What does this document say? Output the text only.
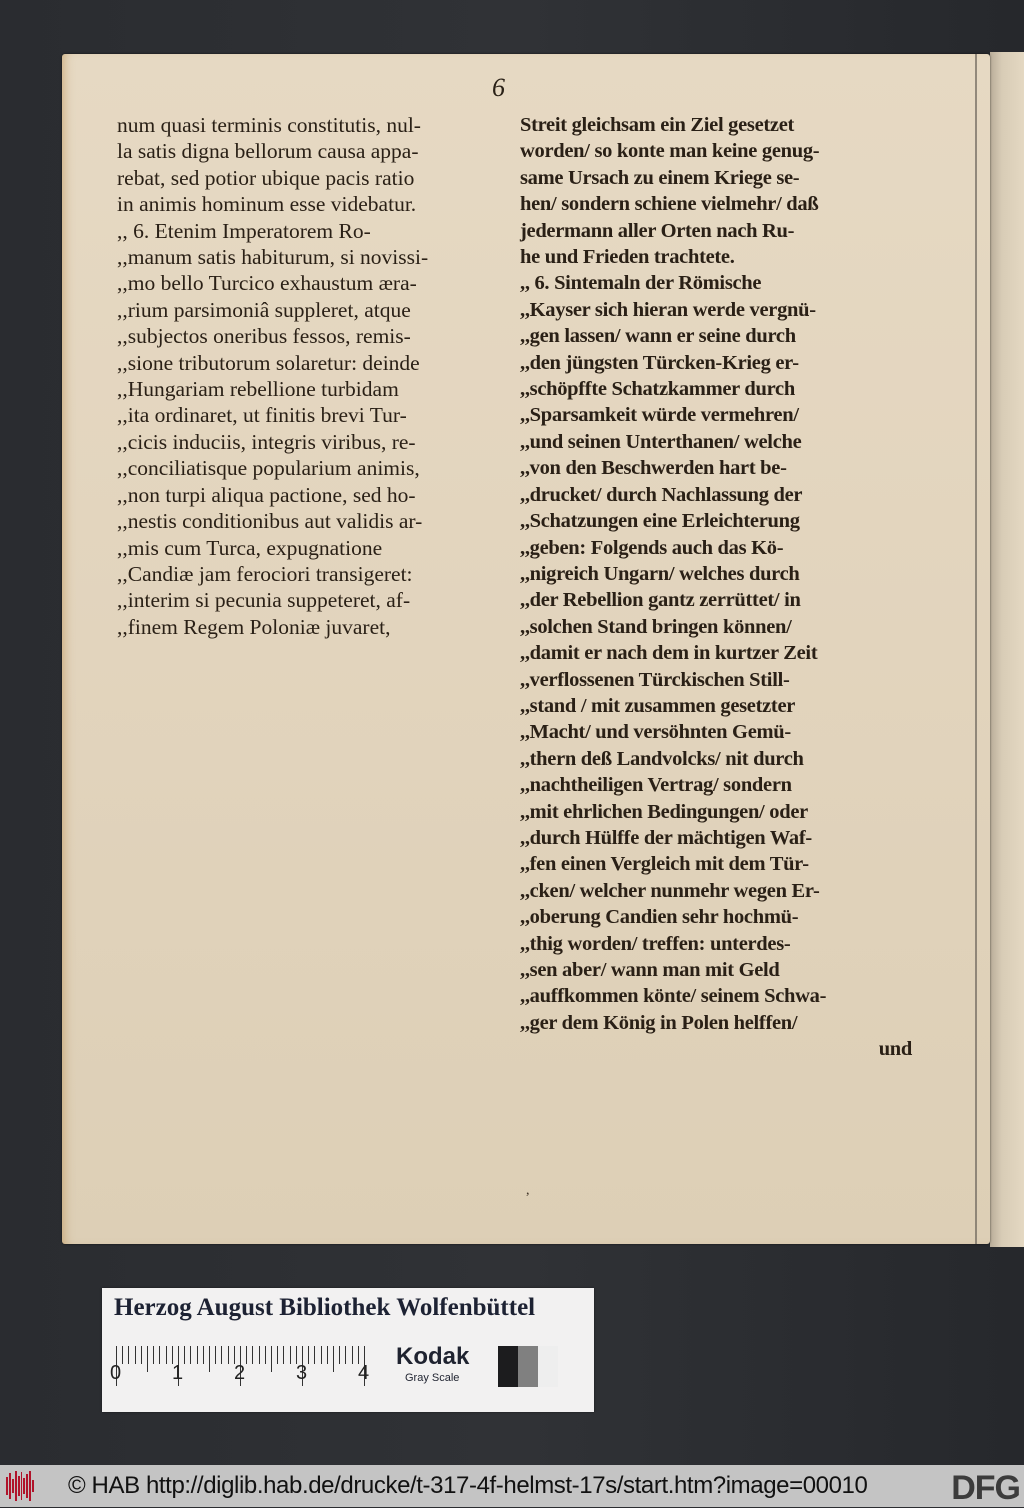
6
num quasi terminis constitutis, nul-
la satis digna bellorum causa appa-
rebat, sed potior ubique pacis ratio
in animis hominum esse videbatur.
,, 6. Etenim Imperatorem Ro-
,,manum satis habiturum, si novissi-
,,mo bello Turcico exhaustum æra-
,,rium parsimoniâ suppleret, atque
,,subjectos oneribus fessos, remis-
,,sione tributorum solaretur: deinde
,,Hungariam rebellione turbidam
,,ita ordinaret, ut finitis brevi Tur-
,,cicis induciis, integris viribus, re-
,,conciliatisque popularium animis,
,,non turpi aliqua pactione, sed ho-
,,nestis conditionibus aut validis ar-
,,mis cum Turca, expugnatione
,,Candiæ jam ferociori transigeret:
,,interim si pecunia suppeteret, af-
,,finem Regem Poloniæ juvaret,
Streit gleichsam ein Ziel gesetzet
worden/ so konte man keine genug-
same Ursach zu einem Kriege se-
hen/ sondern schiene vielmehr/ daß
jedermann aller Orten nach Ru-
he und Frieden trachtete.
,, 6. Sintemaln der Römische
,,Kayser sich hieran werde vergnü-
,,gen lassen/ wann er seine durch
,,den jüngsten Türcken-Krieg er-
,,schöpffte Schatzkammer durch
,,Sparsamkeit würde vermehren/
,,und seinen Unterthanen/ welche
,,von den Beschwerden hart be-
,,drucket/ durch Nachlassung der
,,Schatzungen eine Erleichterung
,,geben: Folgends auch das Kö-
,,nigreich Ungarn/ welches durch
,,der Rebellion gantz zerrüttet/ in
,,solchen Stand bringen können/
,,damit er nach dem in kurtzer Zeit
,,verflossenen Türckischen Still-
,,stand / mit zusammen gesetzter
,,Macht/ und versöhnten Gemü-
,,thern deß Landvolcks/ nit durch
,,nachtheiligen Vertrag/ sondern
,,mit ehrlichen Bedingungen/ oder
,,durch Hülffe der mächtigen Waf-
,,fen einen Vergleich mit dem Tür-
,,cken/ welcher nunmehr wegen Er-
,,oberung Candien sehr hochmü-
,,thig worden/ treffen: unterdes-
,,sen aber/ wann man mit Geld
,,auffkommen könte/ seinem Schwa-
,,ger dem König in Polen helffen/
und
,
Herzog August Bibliothek Wolfenbüttel
0	1	2	3	4
Kodak
Gray Scale
© HAB http://diglib.hab.de/drucke/t-317-4f-helmst-17s/start.htm?image=00010 DFG
